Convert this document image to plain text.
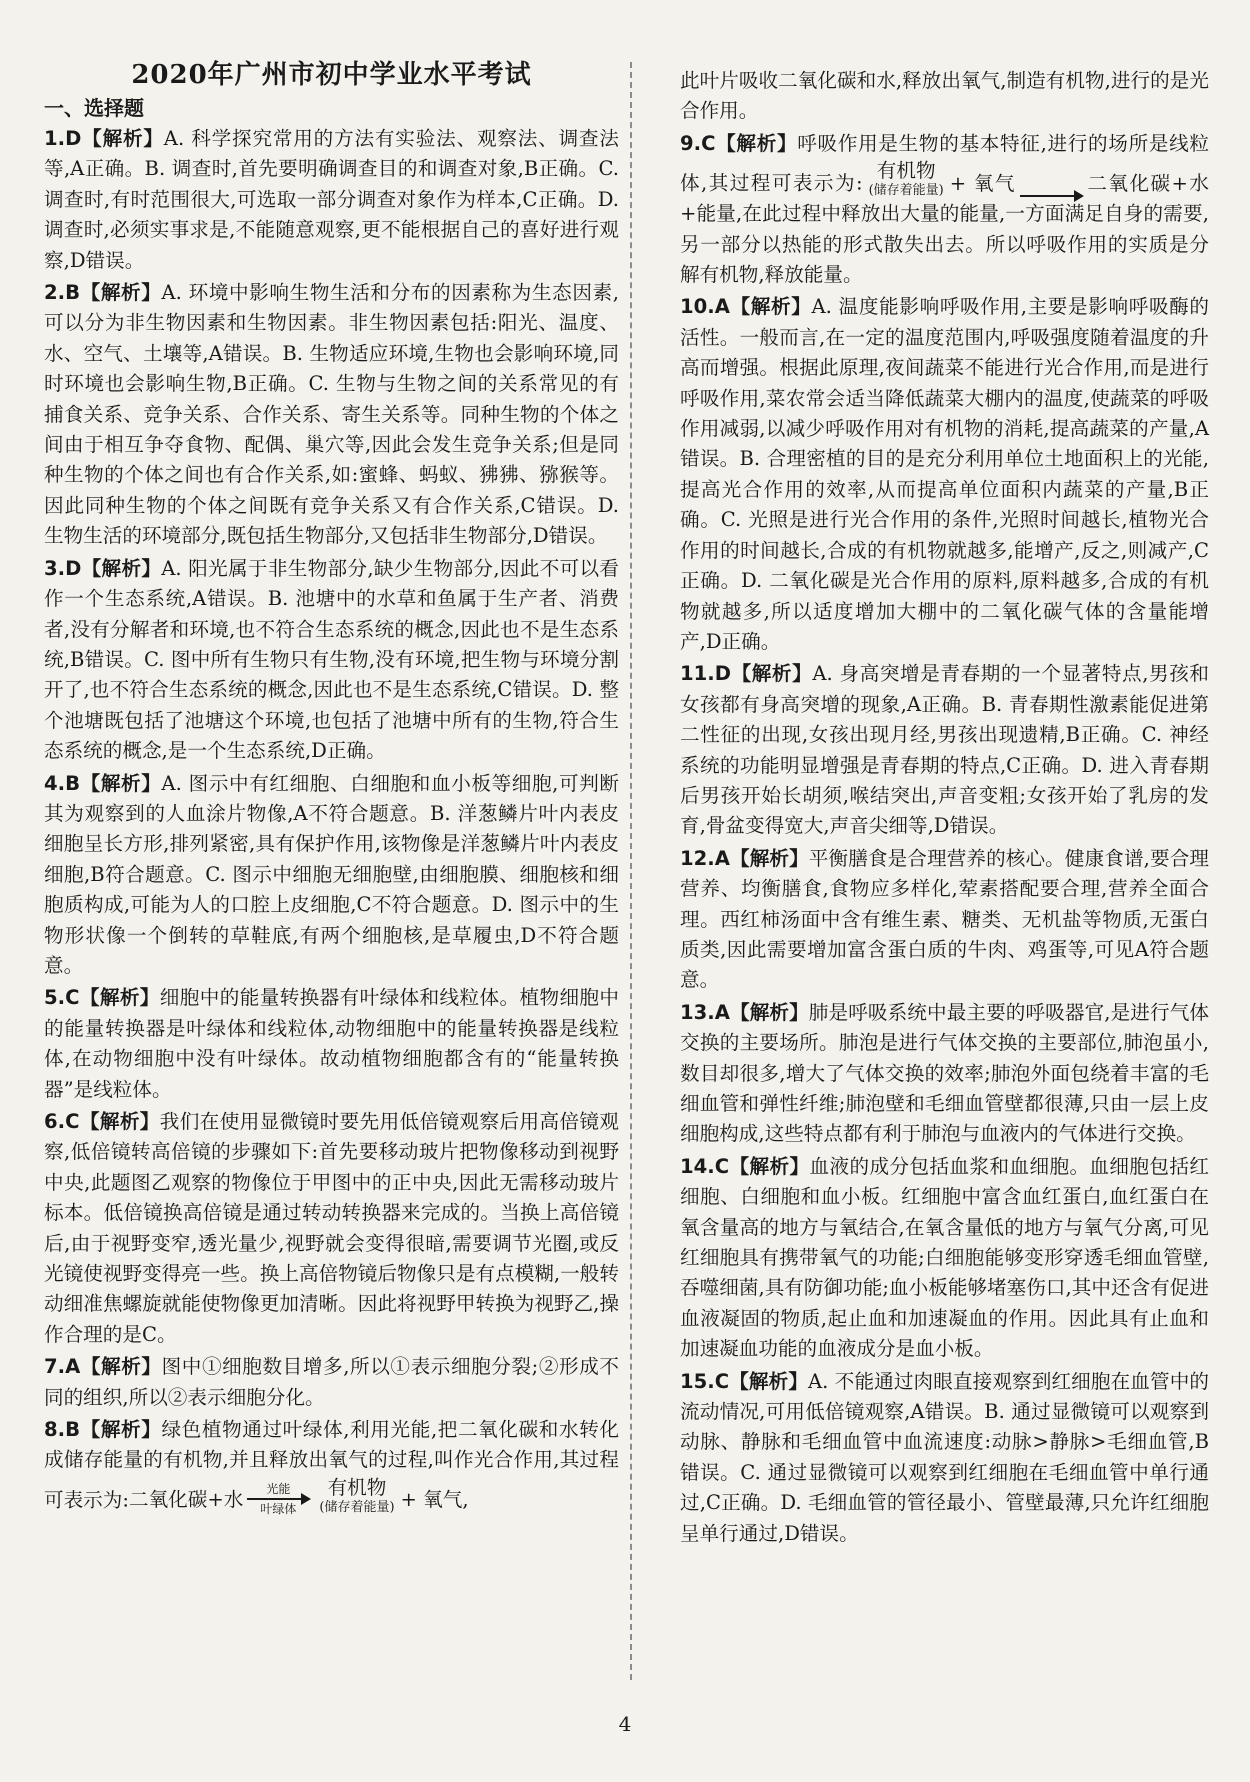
2020年广州市初中学业水平考试
一、选择题
1.D【解析】A. 科学探究常用的方法有实验法、观察法、调查法等,A正确。B. 调查时,首先要明确调查目的和调查对象,B正确。C. 调查时,有时范围很大,可选取一部分调查对象作为样本,C正确。D. 调查时,必须实事求是,不能随意观察,更不能根据自己的喜好进行观察,D错误。
2.B【解析】A. 环境中影响生物生活和分布的因素称为生态因素,可以分为非生物因素和生物因素。非生物因素包括:阳光、温度、水、空气、土壤等,A错误。B. 生物适应环境,生物也会影响环境,同时环境也会影响生物,B正确。C. 生物与生物之间的关系常见的有捕食关系、竞争关系、合作关系、寄生关系等。同种生物的个体之间由于相互争夺食物、配偶、巢穴等,因此会发生竞争关系;但是同种生物的个体之间也有合作关系,如:蜜蜂、蚂蚁、狒狒、猕猴等。因此同种生物的个体之间既有竞争关系又有合作关系,C错误。D. 生物生活的环境部分,既包括生物部分,又包括非生物部分,D错误。
3.D【解析】A. 阳光属于非生物部分,缺少生物部分,因此不可以看作一个生态系统,A错误。B. 池塘中的水草和鱼属于生产者、消费者,没有分解者和环境,也不符合生态系统的概念,因此也不是生态系统,B错误。C. 图中所有生物只有生物,没有环境,把生物与环境分割开了,也不符合生态系统的概念,因此也不是生态系统,C错误。D. 整个池塘既包括了池塘这个环境,也包括了池塘中所有的生物,符合生态系统的概念,是一个生态系统,D正确。
4.B【解析】A. 图示中有红细胞、白细胞和血小板等细胞,可判断其为观察到的人血涂片物像,A不符合题意。B. 洋葱鳞片叶内表皮细胞呈长方形,排列紧密,具有保护作用,该物像是洋葱鳞片叶内表皮细胞,B符合题意。C. 图示中细胞无细胞壁,由细胞膜、细胞核和细胞质构成,可能为人的口腔上皮细胞,C不符合题意。D. 图示中的生物形状像一个倒转的草鞋底,有两个细胞核,是草履虫,D不符合题意。
5.C【解析】细胞中的能量转换器有叶绿体和线粒体。植物细胞中的能量转换器是叶绿体和线粒体,动物细胞中的能量转换器是线粒体,在动物细胞中没有叶绿体。故动植物细胞都含有的“能量转换器”是线粒体。
6.C【解析】我们在使用显微镜时要先用低倍镜观察后用高倍镜观察,低倍镜转高倍镜的步骤如下:首先要移动玻片把物像移动到视野中央,此题图乙观察的物像位于甲图中的正中央,因此无需移动玻片标本。低倍镜换高倍镜是通过转动转换器来完成的。当换上高倍镜后,由于视野变窄,透光量少,视野就会变得很暗,需要调节光圈,或反光镜使视野变得亮一些。换上高倍物镜后物像只是有点模糊,一般转动细准焦螺旋就能使物像更加清晰。因此将视野甲转换为视野乙,操作合理的是C。
7.A【解析】图中①细胞数目增多,所以①表示细胞分裂;②形成不同的组织,所以②表示细胞分化。
8.B【解析】绿色植物通过叶绿体,利用光能,把二氧化碳和水转化成储存能量的有机物,并且释放出氧气的过程,叫作光合作用,其过程可表示为:二氧化碳+水 光能
叶绿体
有机物
(储存着能量) + 氧气,
此叶片吸收二氧化碳和水,释放出氧气,制造有机物,进行的是光合作用。
9.C【解析】呼吸作用是生物的基本特征,进行的场所是线粒体,其过程可表示为:
有机物
(储存着能量) + 氧气	二氧化碳+水+能量,在此过程中释放出大量的能量,一方面满足自身的需要,另一部分以热能的形式散失出去。所以呼吸作用的实质是分解有机物,释放能量。
10.A【解析】A. 温度能影响呼吸作用,主要是影响呼吸酶的活性。一般而言,在一定的温度范围内,呼吸强度随着温度的升高而增强。根据此原理,夜间蔬菜不能进行光合作用,而是进行呼吸作用,菜农常会适当降低蔬菜大棚内的温度,使蔬菜的呼吸作用减弱,以减少呼吸作用对有机物的消耗,提高蔬菜的产量,A错误。B. 合理密植的目的是充分利用单位土地面积上的光能,提高光合作用的效率,从而提高单位面积内蔬菜的产量,B正确。C. 光照是进行光合作用的条件,光照时间越长,植物光合作用的时间越长,合成的有机物就越多,能增产,反之,则减产,C正确。D. 二氧化碳是光合作用的原料,原料越多,合成的有机物就越多,所以适度增加大棚中的二氧化碳气体的含量能增产,D正确。
11.D【解析】A. 身高突增是青春期的一个显著特点,男孩和女孩都有身高突增的现象,A正确。B. 青春期性激素能促进第二性征的出现,女孩出现月经,男孩出现遗精,B正确。C. 神经系统的功能明显增强是青春期的特点,C正确。D. 进入青春期后男孩开始长胡须,喉结突出,声音变粗;女孩开始了乳房的发育,骨盆变得宽大,声音尖细等,D错误。
12.A【解析】平衡膳食是合理营养的核心。健康食谱,要合理营养、均衡膳食,食物应多样化,荤素搭配要合理,营养全面合理。西红柿汤面中含有维生素、糖类、无机盐等物质,无蛋白质类,因此需要增加富含蛋白质的牛肉、鸡蛋等,可见A符合题意。
13.A【解析】肺是呼吸系统中最主要的呼吸器官,是进行气体交换的主要场所。肺泡是进行气体交换的主要部位,肺泡虽小,数目却很多,增大了气体交换的效率;肺泡外面包绕着丰富的毛细血管和弹性纤维;肺泡壁和毛细血管壁都很薄,只由一层上皮细胞构成,这些特点都有利于肺泡与血液内的气体进行交换。
14.C【解析】血液的成分包括血浆和血细胞。血细胞包括红细胞、白细胞和血小板。红细胞中富含血红蛋白,血红蛋白在氧含量高的地方与氧结合,在氧含量低的地方与氧气分离,可见红细胞具有携带氧气的功能;白细胞能够变形穿透毛细血管壁,吞噬细菌,具有防御功能;血小板能够堵塞伤口,其中还含有促进血液凝固的物质,起止血和加速凝血的作用。因此具有止血和加速凝血功能的血液成分是血小板。
15.C【解析】A. 不能通过肉眼直接观察到红细胞在血管中的流动情况,可用低倍镜观察,A错误。B. 通过显微镜可以观察到动脉、静脉和毛细血管中血流速度:动脉>静脉>毛细血管,B错误。C. 通过显微镜可以观察到红细胞在毛细血管中单行通过,C正确。D. 毛细血管的管径最小、管壁最薄,只允许红细胞呈单行通过,D错误。
4
